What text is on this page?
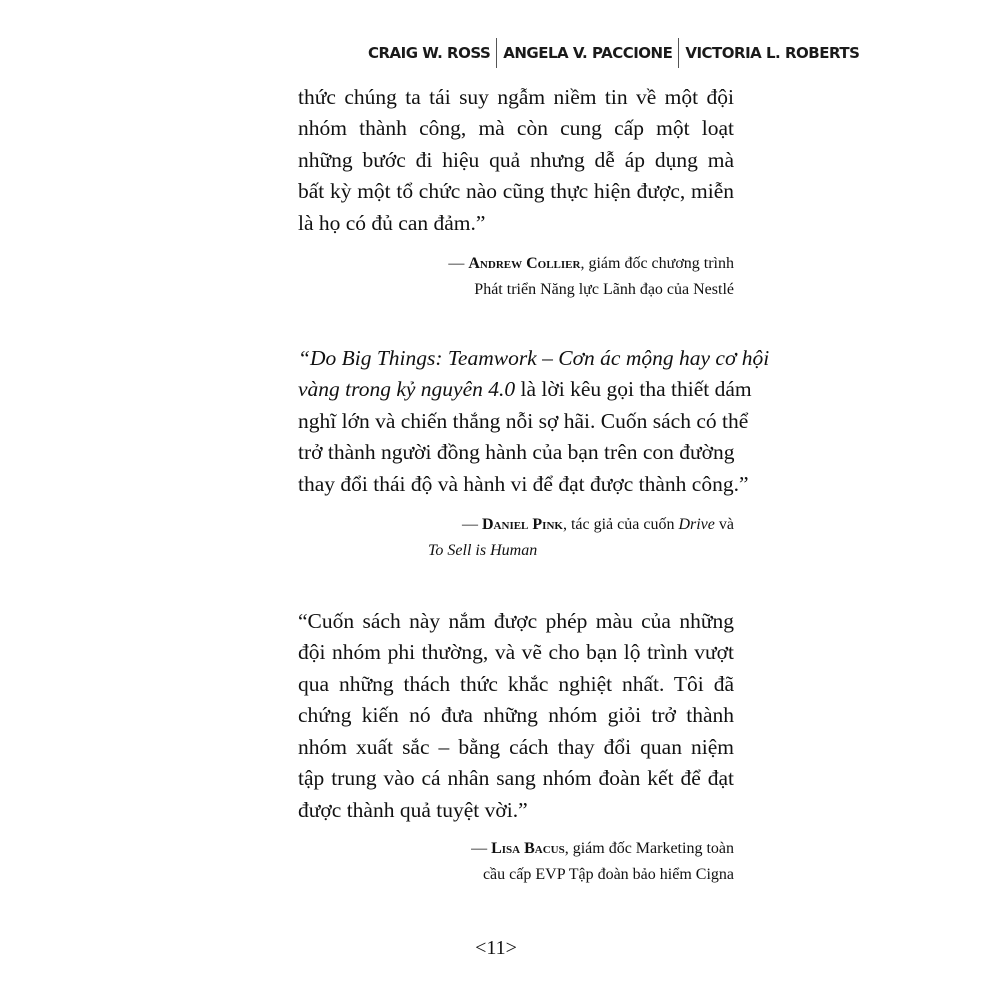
CRAIG W. ROSS ANGELA V. PACCIONE VICTORIA L. ROBERTS
thức chúng ta tái suy ngẫm niềm tin về một đội
nhóm thành công, mà còn cung cấp một loạt
những bước đi hiệu quả nhưng dễ áp dụng mà
bất kỳ một tổ chức nào cũng thực hiện được, miễn
là họ có đủ can đảm.”
— Andrew Collier, giám đốc chương trình
Phát triển Năng lực Lãnh đạo của Nestlé
“Do Big Things: Teamwork – Cơn ác mộng hay cơ hội
vàng trong kỷ nguyên 4.0 là lời kêu gọi tha thiết dám
nghĩ lớn và chiến thắng nỗi sợ hãi. Cuốn sách có thể
trở thành người đồng hành của bạn trên con đường
thay đổi thái độ và hành vi để đạt được thành công.”
— Daniel Pink, tác giả của cuốn Drive và
To Sell is Human
“Cuốn sách này nắm được phép màu của những
đội nhóm phi thường, và vẽ cho bạn lộ trình vượt
qua những thách thức khắc nghiệt nhất. Tôi đã
chứng kiến nó đưa những nhóm giỏi trở thành
nhóm xuất sắc – bằng cách thay đổi quan niệm
tập trung vào cá nhân sang nhóm đoàn kết để đạt
được thành quả tuyệt vời.”
— Lisa Bacus, giám đốc Marketing toàn
cầu cấp EVP Tập đoàn bảo hiểm Cigna
<11>
